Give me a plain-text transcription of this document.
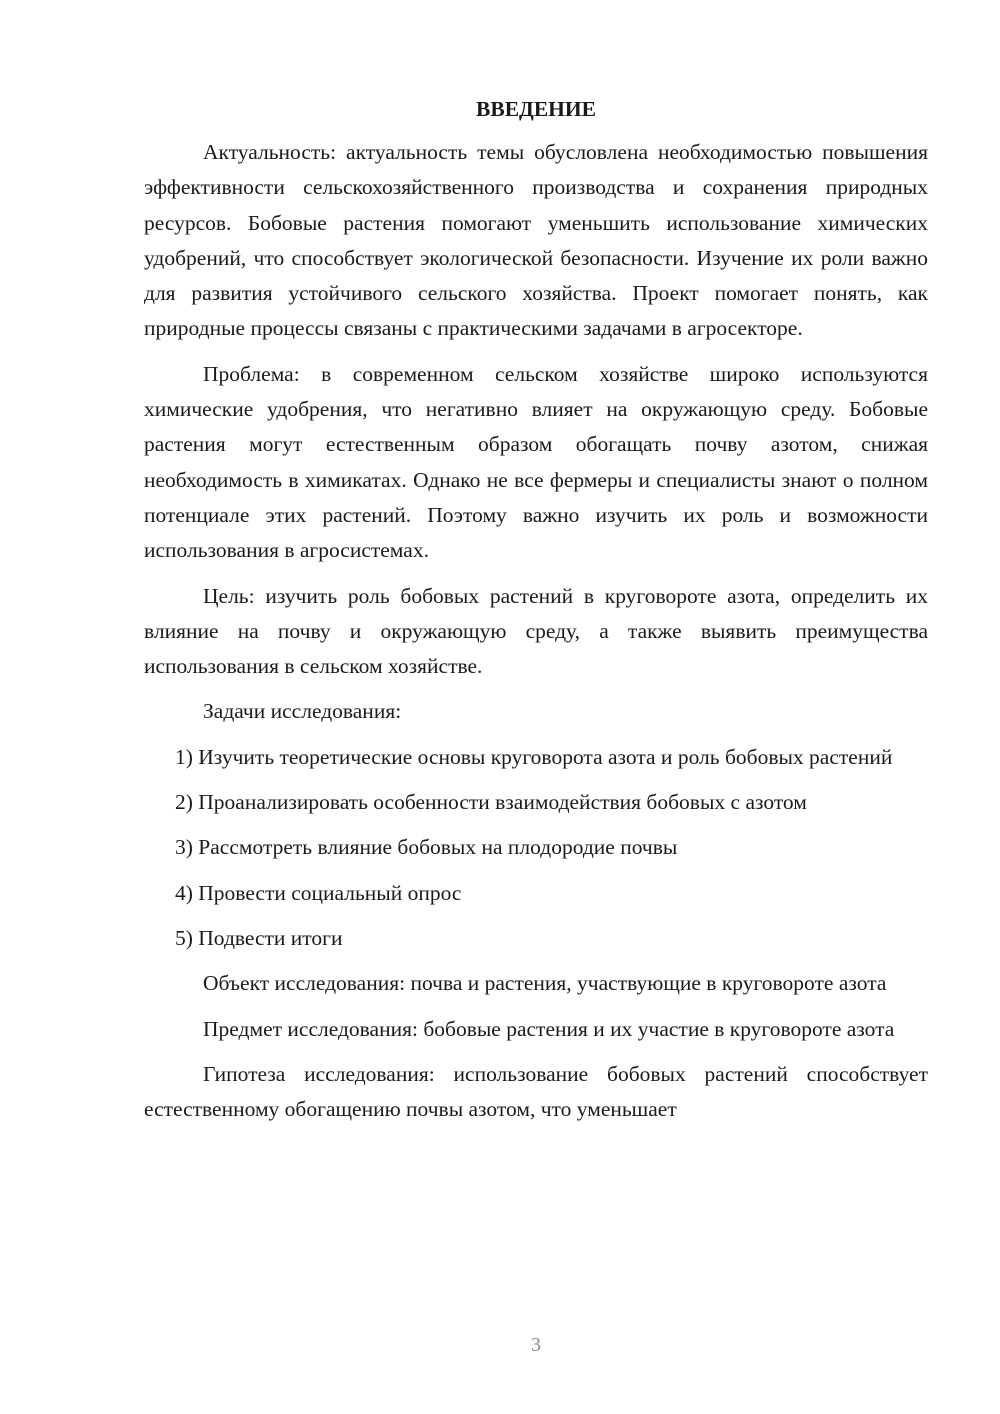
ВВЕДЕНИЕ

Актуальность: актуальность темы обусловлена необходимостью повышения эффективности сельскохозяйственного производства и сохранения природных ресурсов. Бобовые растения помогают уменьшить использование химических удобрений, что способствует экологической безопасности. Изучение их роли важно для развития устойчивого сельского хозяйства. Проект помогает понять, как природные процессы связаны с практическими задачами в агросекторе.

Проблема: в современном сельском хозяйстве широко используются химические удобрения, что негативно влияет на окружающую среду. Бобовые растения могут естественным образом обогащать почву азотом, снижая необходимость в химикатах. Однако не все фермеры и специалисты знают о полном потенциале этих растений. Поэтому важно изучить их роль и возможности использования в агросистемах.

Цель: изучить роль бобовых растений в круговороте азота, определить их влияние на почву и окружающую среду, а также выявить преимущества использования в сельском хозяйстве.

Задачи исследования:

1) Изучить теоретические основы круговорота азота и роль бобовых растений

2) Проанализировать особенности взаимодействия бобовых с азотом

3) Рассмотреть влияние бобовых на плодородие почвы

4) Провести социальный опрос

5) Подвести итоги

Объект исследования: почва и растения, участвующие в круговороте азота

Предмет исследования: бобовые растения и их участие в круговороте азота

Гипотеза исследования: использование бобовых растений способствует естественному обогащению почвы азотом, что уменьшает

3
